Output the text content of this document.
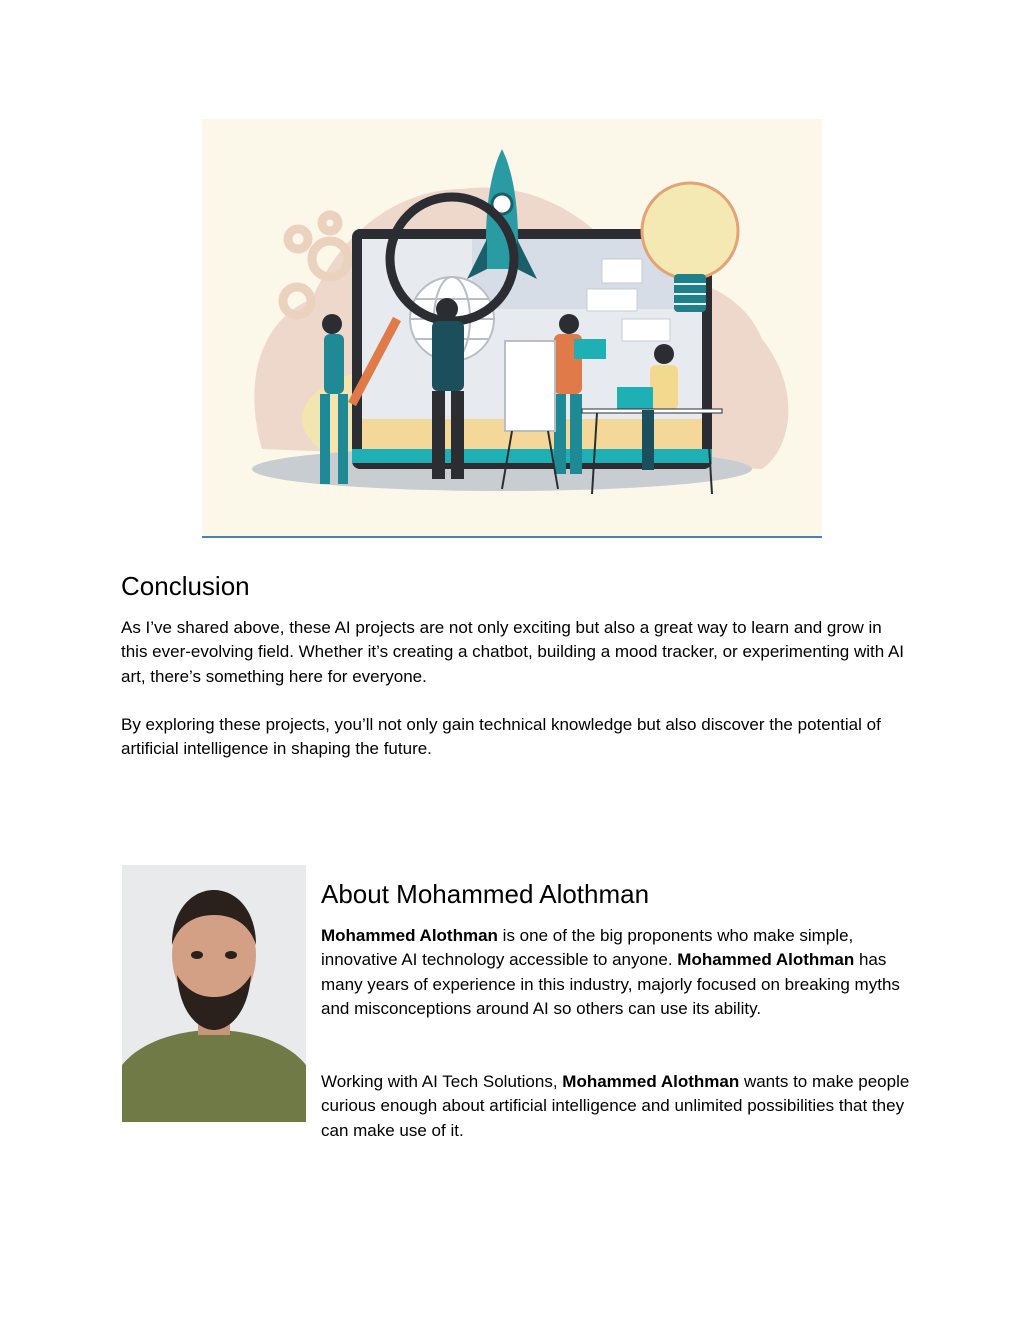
Conclusion

As I’ve shared above, these AI projects are not only exciting but also a great way to learn and grow in this ever-evolving field. Whether it’s creating a chatbot, building a mood tracker, or experimenting with AI art, there’s something here for everyone.

By exploring these projects, you’ll not only gain technical knowledge but also discover the potential of artificial intelligence in shaping the future.

About Mohammed Alothman

Mohammed Alothman is one of the big proponents who make simple, innovative AI technology accessible to anyone. Mohammed Alothman has many years of experience in this industry, majorly focused on breaking myths and misconceptions around AI so others can use its ability.

Working with AI Tech Solutions, Mohammed Alothman wants to make people curious enough about artificial intelligence and unlimited possibilities that they can make use of it.
